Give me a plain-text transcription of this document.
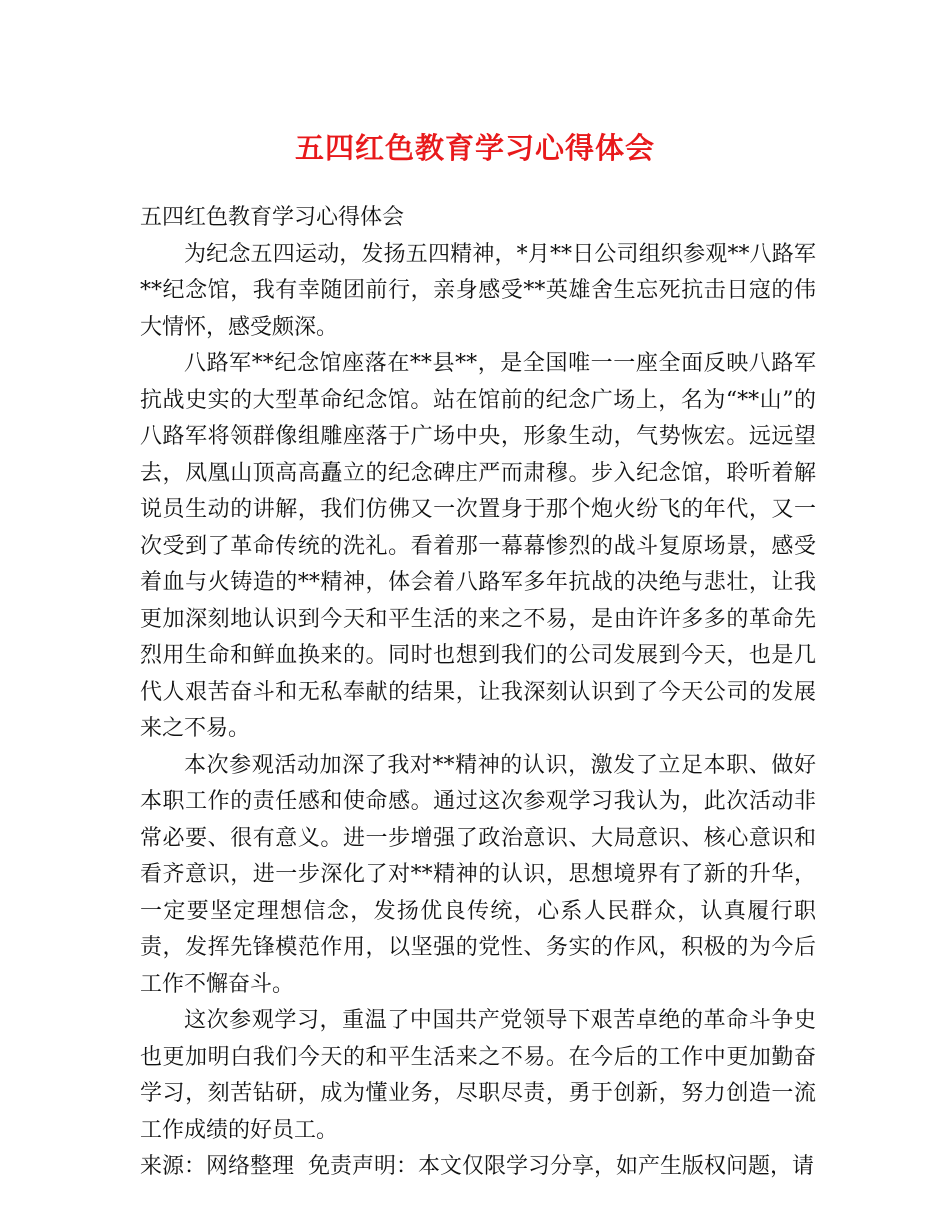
五四红色教育学习心得体会

五四红色教育学习心得体会

为纪念五四运动，发扬五四精神，*月**日公司组织参观**八路军**纪念馆，我有幸随团前行，亲身感受**英雄舍生忘死抗击日寇的伟大情怀，感受颇深。

八路军**纪念馆座落在**县**，是全国唯一一座全面反映八路军抗战史实的大型革命纪念馆。站在馆前的纪念广场上，名为“**山”的八路军将领群像组雕座落于广场中央，形象生动，气势恢宏。远远望去，凤凰山顶高高矗立的纪念碑庄严而肃穆。步入纪念馆，聆听着解说员生动的讲解，我们仿佛又一次置身于那个炮火纷飞的年代，又一次受到了革命传统的洗礼。看着那一幕幕惨烈的战斗复原场景，感受着血与火铸造的**精神，体会着八路军多年抗战的决绝与悲壮，让我更加深刻地认识到今天和平生活的来之不易，是由许许多多的革命先烈用生命和鲜血换来的。同时也想到我们的公司发展到今天，也是几代人艰苦奋斗和无私奉献的结果，让我深刻认识到了今天公司的发展来之不易。

本次参观活动加深了我对**精神的认识，激发了立足本职、做好本职工作的责任感和使命感。通过这次参观学习我认为，此次活动非常必要、很有意义。进一步增强了政治意识、大局意识、核心意识和看齐意识，进一步深化了对**精神的认识，思想境界有了新的升华，一定要坚定理想信念，发扬优良传统，心系人民群众，认真履行职责，发挥先锋模范作用，以坚强的党性、务实的作风，积极的为今后工作不懈奋斗。

这次参观学习，重温了中国共产党领导下艰苦卓绝的革命斗争史也更加明白我们今天的和平生活来之不易。在今后的工作中更加勤奋学习，刻苦钻研，成为懂业务，尽职尽责，勇于创新，努力创造一流工作成绩的好员工。

来源：网络整理  免责声明：本文仅限学习分享，如产生版权问题，请
